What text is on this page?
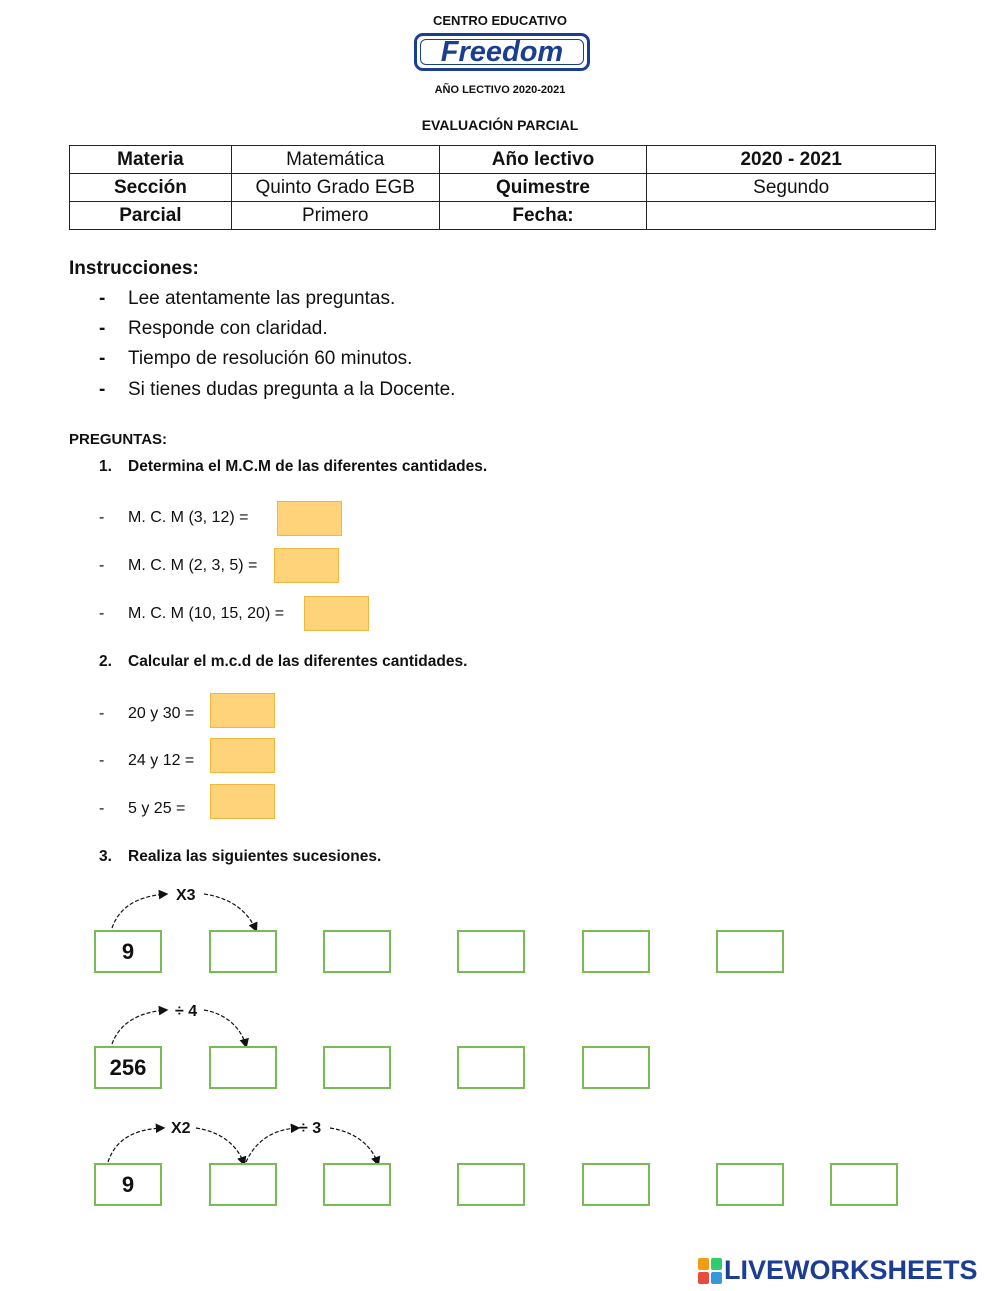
CENTRO EDUCATIVO
Freedom
AÑO LECTIVO 2020-2021
EVALUACIÓN PARCIAL
Materia	Matemática	Año lectivo	2020 - 2021
Sección	Quinto Grado EGB	Quimestre	Segundo
Parcial	Primero	Fecha:	
Instrucciones:
- Lee atentamente las preguntas.
- Responde con claridad.
- Tiempo de resolución 60 minutos.
- Si tienes dudas pregunta a la Docente.
PREGUNTAS:
1. Determina el M.C.M de las diferentes cantidades.
- M. C. M (3, 12) =
- M. C. M (2, 3, 5) =
- M. C. M (10, 15, 20) =
2. Calcular el m.c.d de las diferentes cantidades.
- 20 y 30 =
- 24 y 12 =
- 5 y 25 =
3. Realiza las siguientes sucesiones.
X3
9
÷ 4
256
X2	÷ 3
9
LIVEWORKSHEETS
